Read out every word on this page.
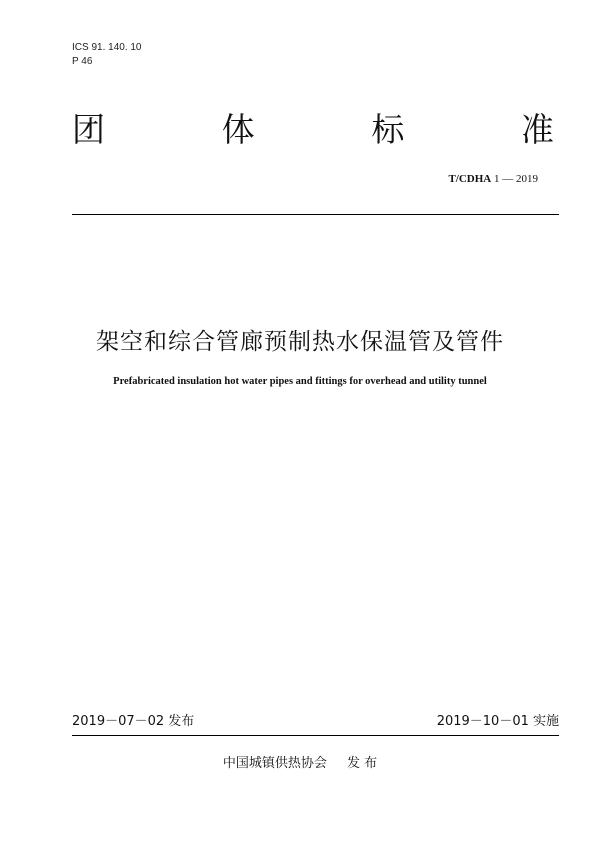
ICS 91. 140. 10
P 46
团	体	标	准
T/CDHA 1 — 2019
架空和综合管廊预制热水保温管及管件
Prefabricated insulation hot water pipes and fittings for overhead and utility tunnel
2019－07－02 发布	2019－10－01 实施
中国城镇供热协会 发 布
